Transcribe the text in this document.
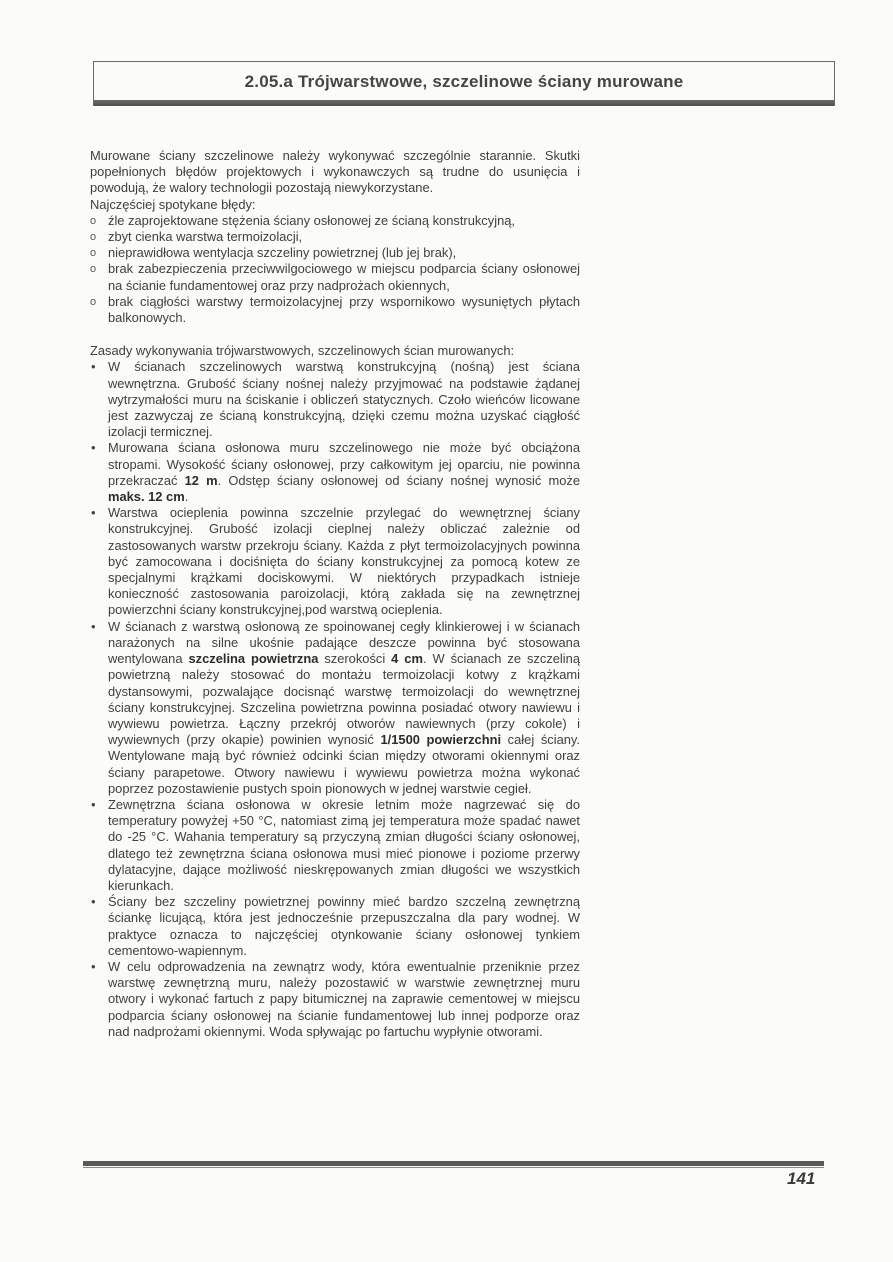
2.05.a Trójwarstwowe, szczelinowe ściany murowane

Murowane ściany szczelinowe należy wykonywać szczególnie starannie. Skutki popełnionych błędów projektowych i wykonawczych są trudne do usunięcia i powodują, że walory technologii pozostają niewykorzystane.

Najczęściej spotykane błędy:

o źle zaprojektowane stężenia ściany osłonowej ze ścianą konstrukcyjną,
o zbyt cienka warstwa termoizolacji,
o nieprawidłowa wentylacja szczeliny powietrznej (lub jej brak),
o brak zabezpieczenia przeciwwilgociowego w miejscu podparcia ściany osłonowej na ścianie fundamentowej oraz przy nadprożach okiennych,
o brak ciągłości warstwy termoizolacyjnej przy wspornikowo wysuniętych płytach balkonowych.

Zasady wykonywania trójwarstwowych, szczelinowych ścian murowanych:

• W ścianach szczelinowych warstwą konstrukcyjną (nośną) jest ściana wewnętrzna. Grubość ściany nośnej należy przyjmować na podstawie żądanej wytrzymałości muru na ściskanie i obliczeń statycznych. Czoło wieńców licowane jest zazwyczaj ze ścianą konstrukcyjną, dzięki czemu można uzyskać ciągłość izolacji termicznej.
• Murowana ściana osłonowa muru szczelinowego nie może być obciążona stropami. Wysokość ściany osłonowej, przy całkowitym jej oparciu, nie powinna przekraczać 12 m. Odstęp ściany osłonowej od ściany nośnej wynosić może maks. 12 cm.
• Warstwa ocieplenia powinna szczelnie przylegać do wewnętrznej ściany konstrukcyjnej. Grubość izolacji cieplnej należy obliczać zależnie od zastosowanych warstw przekroju ściany. Każda z płyt termoizolacyjnych powinna być zamocowana i dociśnięta do ściany konstrukcyjnej za pomocą kotew ze specjalnymi krążkami dociskowymi. W niektórych przypadkach istnieje konieczność zastosowania paroizolacji, którą zakłada się na zewnętrznej powierzchni ściany konstrukcyjnej,pod warstwą ocieplenia.
• W ścianach z warstwą osłonową ze spoinowanej cegły klinkierowej i w ścianach narażonych na silne ukośnie padające deszcze powinna być stosowana wentylowana szczelina powietrzna szerokości 4 cm. W ścianach ze szczeliną powietrzną należy stosować do montażu termoizolacji kotwy z krążkami dystansowymi, pozwalające docisnąć warstwę termoizolacji do wewnętrznej ściany konstrukcyjnej. Szczelina powietrzna powinna posiadać otwory nawiewu i wywiewu powietrza. Łączny przekrój otworów nawiewnych (przy cokole) i wywiewnych (przy okapie) powinien wynosić 1/1500 powierzchni całej ściany. Wentylowane mają być również odcinki ścian między otworami okiennymi oraz ściany parapetowe. Otwory nawiewu i wywiewu powietrza można wykonać poprzez pozostawienie pustych spoin pionowych w jednej warstwie cegieł.
• Zewnętrzna ściana osłonowa w okresie letnim może nagrzewać się do temperatury powyżej +50 °C, natomiast zimą jej temperatura może spadać nawet do -25 °C. Wahania temperatury są przyczyną zmian długości ściany osłonowej, dlatego też zewnętrzna ściana osłonowa musi mieć pionowe i poziome przerwy dylatacyjne, dające możliwość nieskrępowanych zmian długości we wszystkich kierunkach.
• Ściany bez szczeliny powietrznej powinny mieć bardzo szczelną zewnętrzną ściankę licującą, która jest jednocześnie przepuszczalna dla pary wodnej. W praktyce oznacza to najczęściej otynkowanie ściany osłonowej tynkiem cementowo-wapiennym.
• W celu odprowadzenia na zewnątrz wody, która ewentualnie przeniknie przez warstwę zewnętrzną muru, należy pozostawić w warstwie zewnętrznej muru otwory i wykonać fartuch z papy bitumicznej na zaprawie cementowej w miejscu podparcia ściany osłonowej na ścianie fundamentowej lub innej podporze oraz nad nadprożami okiennymi. Woda spływając po fartuchu wypłynie otworami.
141
